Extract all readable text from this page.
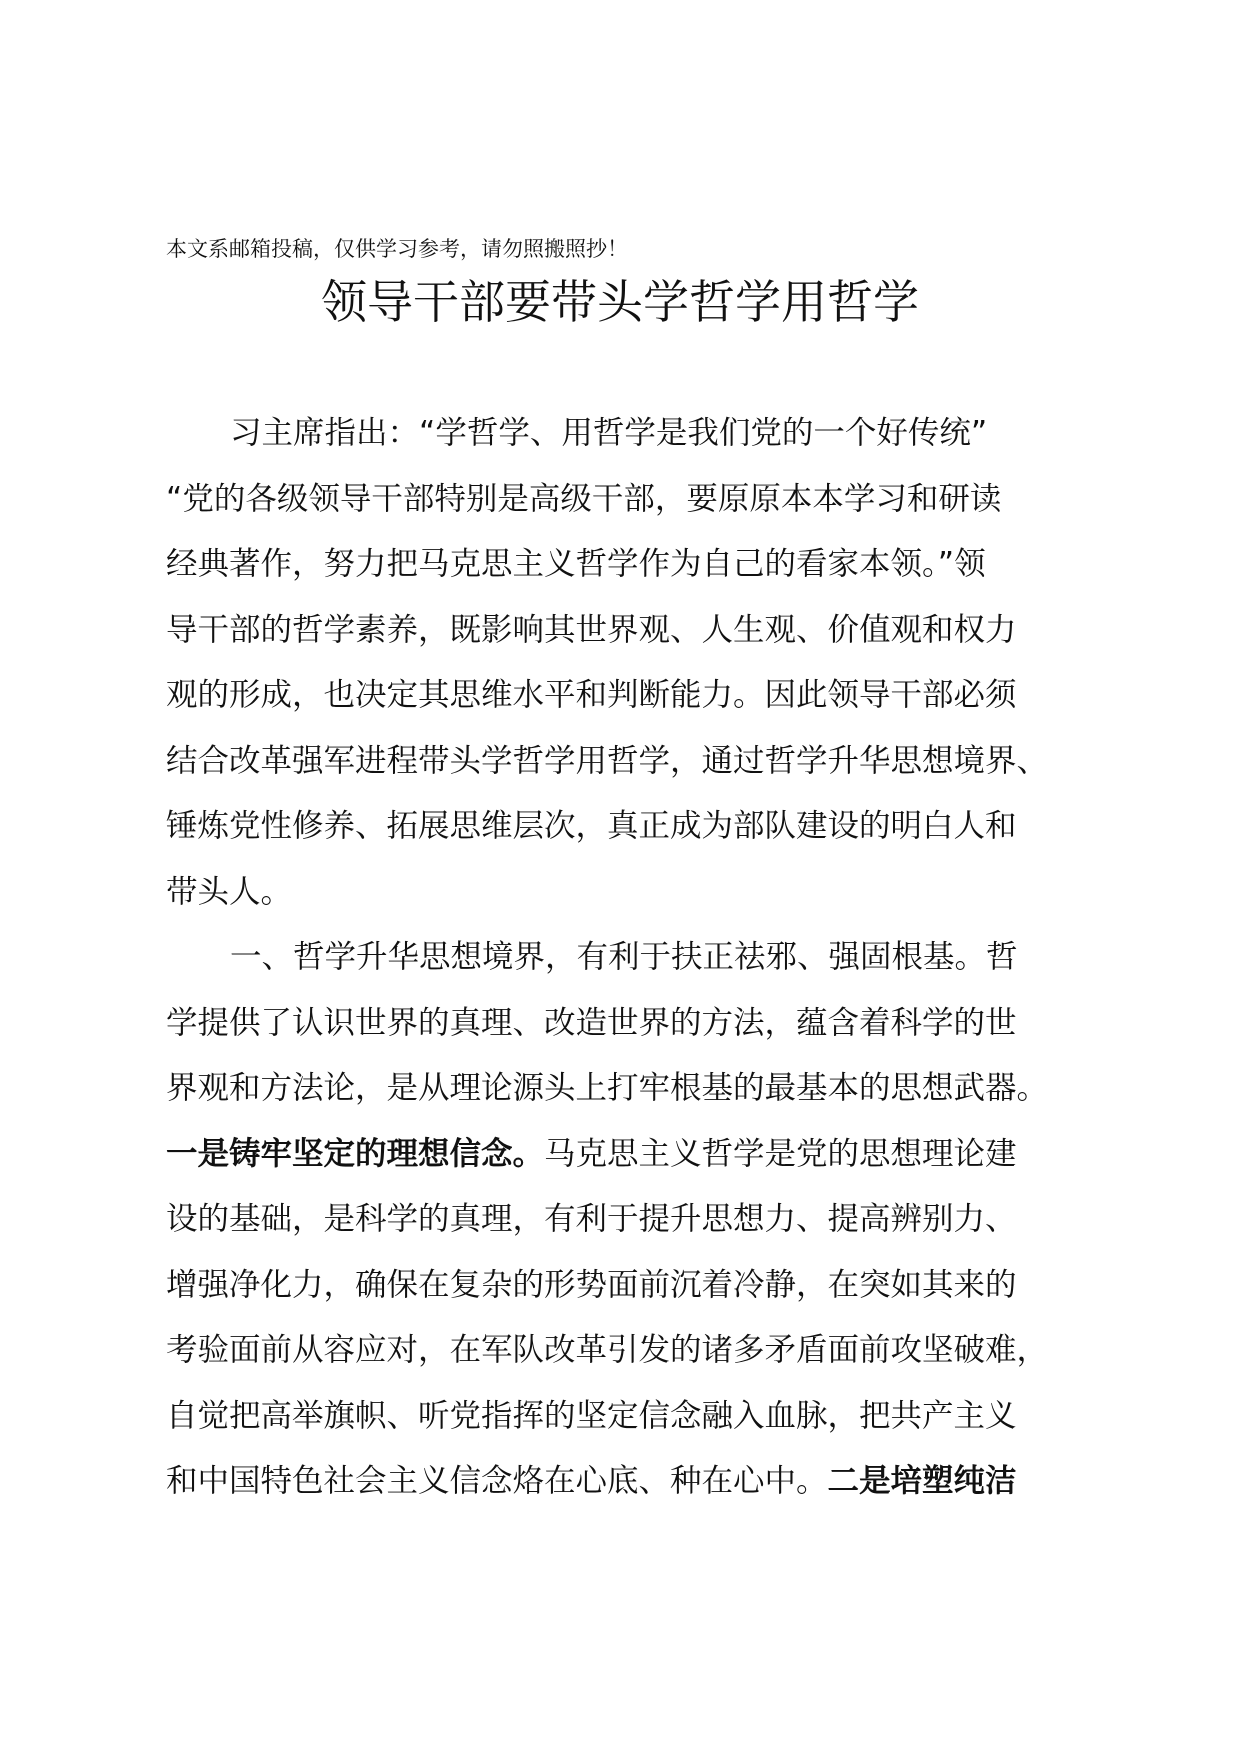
本文系邮箱投稿，仅供学习参考，请勿照搬照抄！
领导干部要带头学哲学用哲学

习主席指出：“学哲学、用哲学是我们党的一个好传统”

“党的各级领导干部特别是高级干部，要原原本本学习和研读

经典著作，努力把马克思主义哲学作为自己的看家本领。”领

导干部的哲学素养，既影响其世界观、人生观、价值观和权力

观的形成，也决定其思维水平和判断能力。因此领导干部必须

结合改革强军进程带头学哲学用哲学，通过哲学升华思想境界、

锤炼党性修养、拓展思维层次，真正成为部队建设的明白人和

带头人。

一、哲学升华思想境界，有利于扶正祛邪、强固根基。哲

学提供了认识世界的真理、改造世界的方法，蕴含着科学的世

界观和方法论，是从理论源头上打牢根基的最基本的思想武器。

一是铸牢坚定的理想信念。马克思主义哲学是党的思想理论建

设的基础，是科学的真理，有利于提升思想力、提高辨别力、

增强净化力，确保在复杂的形势面前沉着冷静，在突如其来的

考验面前从容应对，在军队改革引发的诸多矛盾面前攻坚破难，

自觉把高举旗帜、听党指挥的坚定信念融入血脉，把共产主义

和中国特色社会主义信念烙在心底、种在心中。二是培塑纯洁
